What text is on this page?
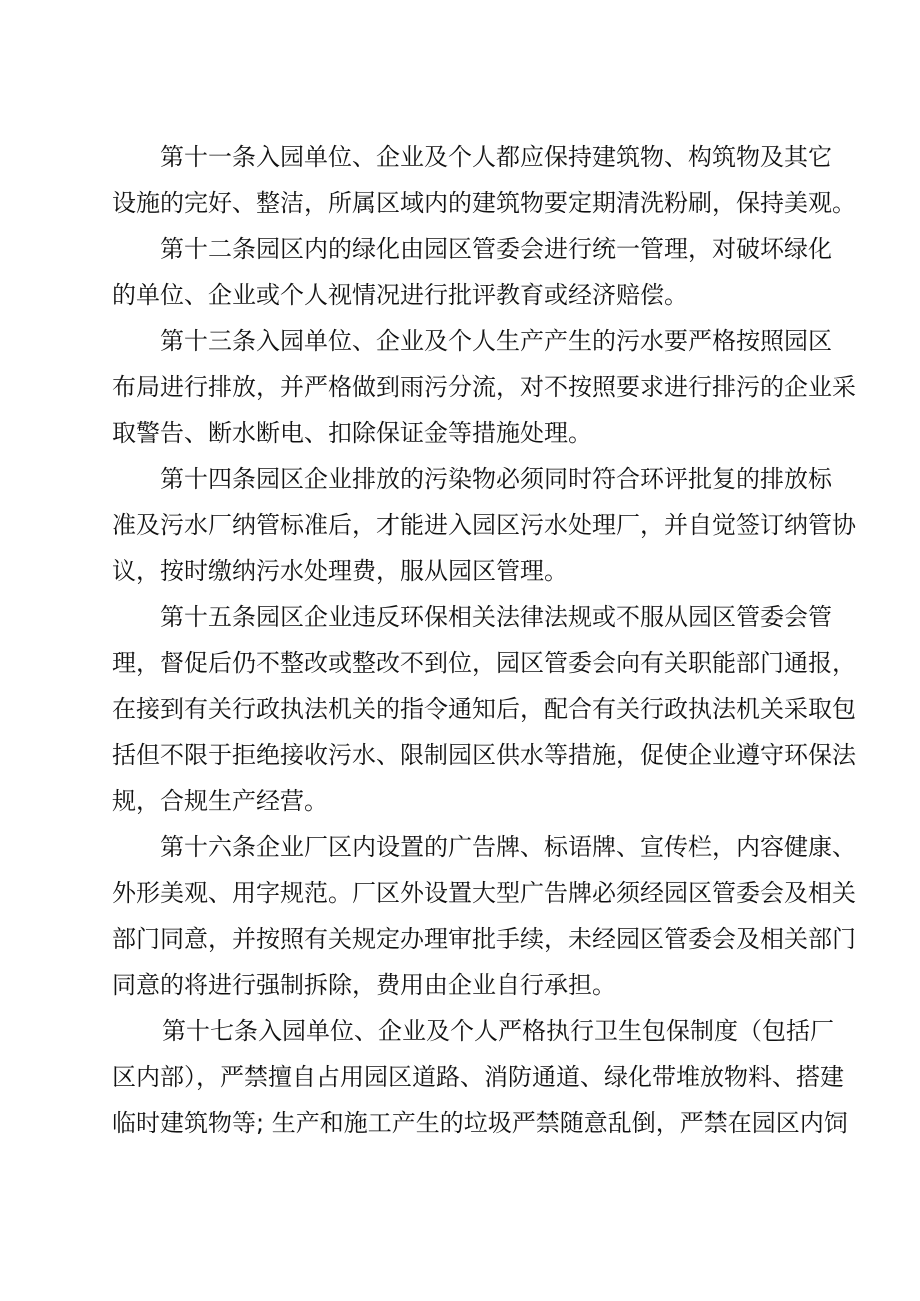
第十一条入园单位、企业及个人都应保持建筑物、构筑物及其它
设施的完好、整洁，所属区域内的建筑物要定期清洗粉刷，保持美观。
第十二条园区内的绿化由园区管委会进行统一管理，对破坏绿化
的单位、企业或个人视情况进行批评教育或经济赔偿。
第十三条入园单位、企业及个人生产产生的污水要严格按照园区
布局进行排放，并严格做到雨污分流，对不按照要求进行排污的企业采
取警告、断水断电、扣除保证金等措施处理。
第十四条园区企业排放的污染物必须同时符合环评批复的排放标
准及污水厂纳管标准后，才能进入园区污水处理厂，并自觉签订纳管协
议，按时缴纳污水处理费，服从园区管理。
第十五条园区企业违反环保相关法律法规或不服从园区管委会管
理，督促后仍不整改或整改不到位，园区管委会向有关职能部门通报，
在接到有关行政执法机关的指令通知后，配合有关行政执法机关采取包
括但不限于拒绝接收污水、限制园区供水等措施，促使企业遵守环保法
规，合规生产经营。
第十六条企业厂区内设置的广告牌、标语牌、宣传栏，内容健康、
外形美观、用字规范。厂区外设置大型广告牌必须经园区管委会及相关
部门同意，并按照有关规定办理审批手续，未经园区管委会及相关部门
同意的将进行强制拆除，费用由企业自行承担。
第十七条入园单位、企业及个人严格执行卫生包保制度（包括厂
区内部），严禁擅自占用园区道路、消防通道、绿化带堆放物料、搭建
临时建筑物等; 生产和施工产生的垃圾严禁随意乱倒，严禁在园区内饲
